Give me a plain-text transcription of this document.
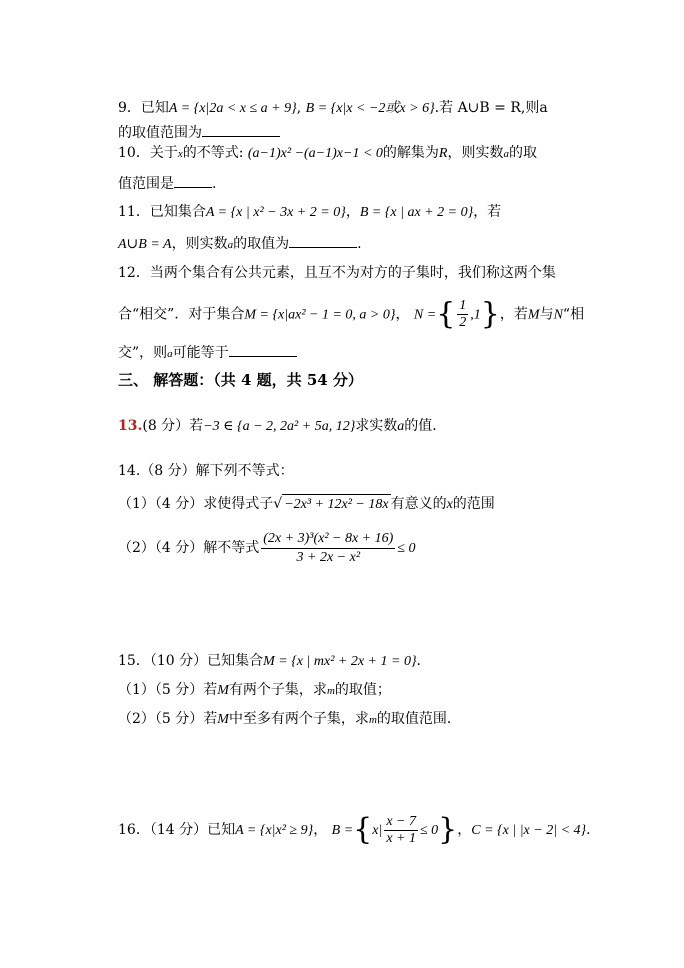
9．已知A = {x|2a < x ≤ a + 9}, B = {x|x < −2或x > 6}.若 A∪B = R,则a
的取值范围为
10．关于x的不等式: (a−1)x² −(a−1)x−1 < 0的解集为R，则实数a的取
值范围是	.
11．已知集合A = {x | x² − 3x + 2 = 0}，B = {x | ax + 2 = 0}，若
A∪B = A，则实数a的取值为	.
12．当两个集合有公共元素，且互不为对方的子集时，我们称这两个集
合“相交”．对于集合M = {x|ax² − 1 = 0, a > 0}， N ={ $\frac{1}{2} ,1$}，若M与N“相
交”，则a可能等于
三、 解答题：（共 4 题，共 54 分）
13.(8 分）若−3 ∈ {a − 2, 2a² + 5a, 12}求实数a的值．
14.（8 分）解下列不等式：
（1）（4 分）求使得式子√ −2x³ + 12x² − 18x 有意义的x的范围
（2）（4 分）解不等式 $\frac{\text{(2x + 3)³(x² − 8x + 16)}}{\text{3 + 2x − x²}} \le 0$
15．（10 分）已知集合M = {x | mx² + 2x + 1 = 0}．
（1）（5 分）若M有两个子集，求m的取值；
（2）（5 分）若M中至多有两个子集，求m的取值范围．
16．（14 分）已知A = {x|x² ≥ 9}， $B =\{x| \frac{x - 7}{x + 1} \le 0\}$，C = {x | |x − 2| < 4}.
